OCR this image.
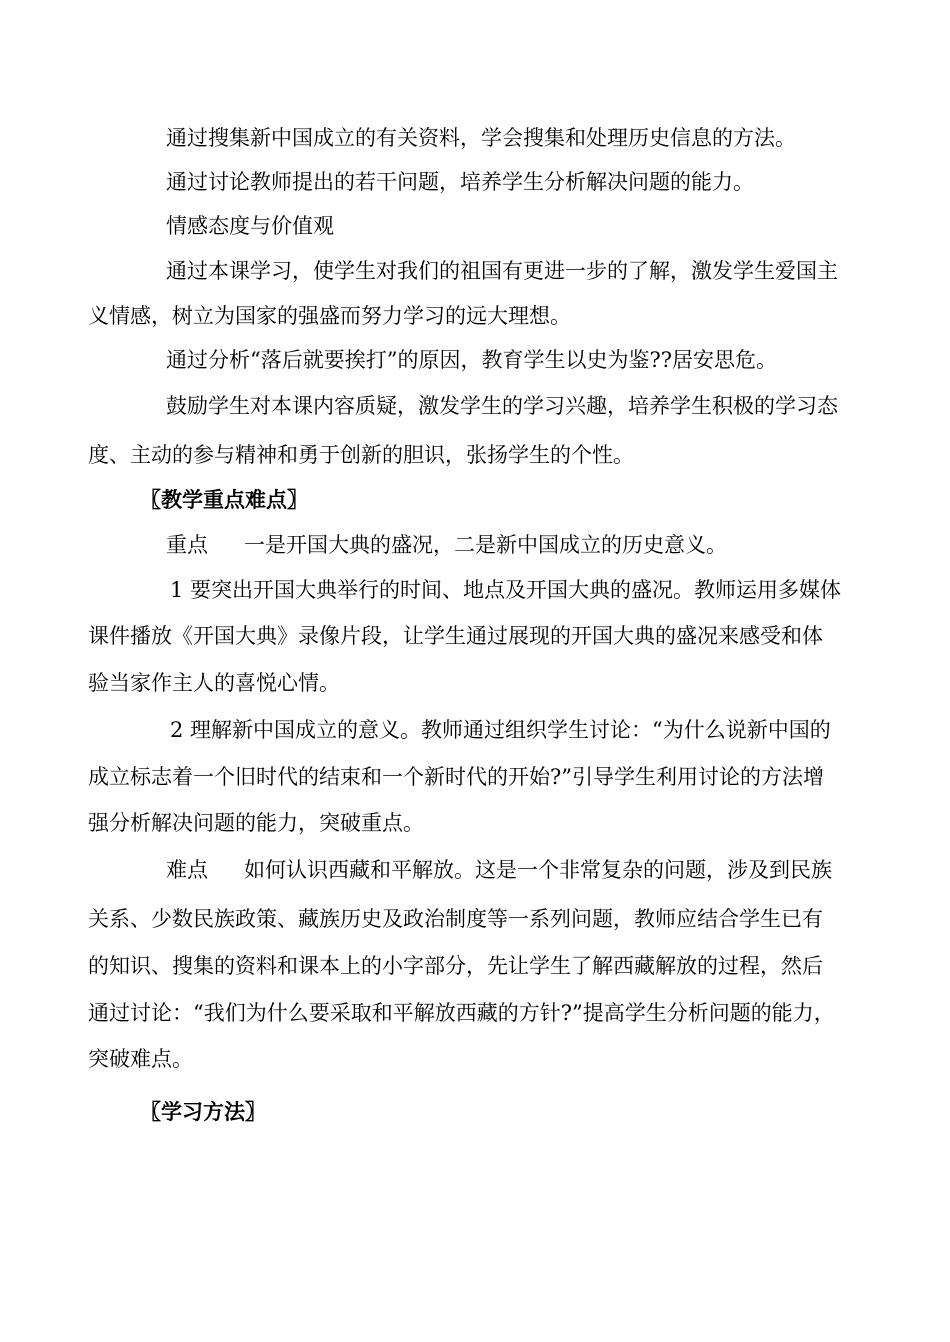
通过搜集新中国成立的有关资料，学会搜集和处理历史信息的方法。

通过讨论教师提出的若干问题，培养学生分析解决问题的能力。

情感态度与价值观

通过本课学习，使学生对我们的祖国有更进一步的了解，激发学生爱国主

义情感，树立为国家的强盛而努力学习的远大理想。

通过分析“落后就要挨打”的原因，教育学生以史为鉴??居安思危。

鼓励学生对本课内容质疑，激发学生的学习兴趣，培养学生积极的学习态

度、主动的参与精神和勇于创新的胆识，张扬学生的个性。

〖教学重点难点〗

重点 一是开国大典的盛况，二是新中国成立的历史意义。

1 要突出开国大典举行的时间、地点及开国大典的盛况。教师运用多媒体

课件播放《开国大典》录像片段，让学生通过展现的开国大典的盛况来感受和体

验当家作主人的喜悦心情。

2 理解新中国成立的意义。教师通过组织学生讨论：“为什么说新中国的

成立标志着一个旧时代的结束和一个新时代的开始?”引导学生利用讨论的方法增

强分析解决问题的能力，突破重点。

难点 如何认识西藏和平解放。这是一个非常复杂的问题，涉及到民族

关系、少数民族政策、藏族历史及政治制度等一系列问题，教师应结合学生已有

的知识、搜集的资料和课本上的小字部分，先让学生了解西藏解放的过程，然后

通过讨论：“我们为什么要采取和平解放西藏的方针?”提高学生分析问题的能力，

突破难点。

〖学习方法〗
